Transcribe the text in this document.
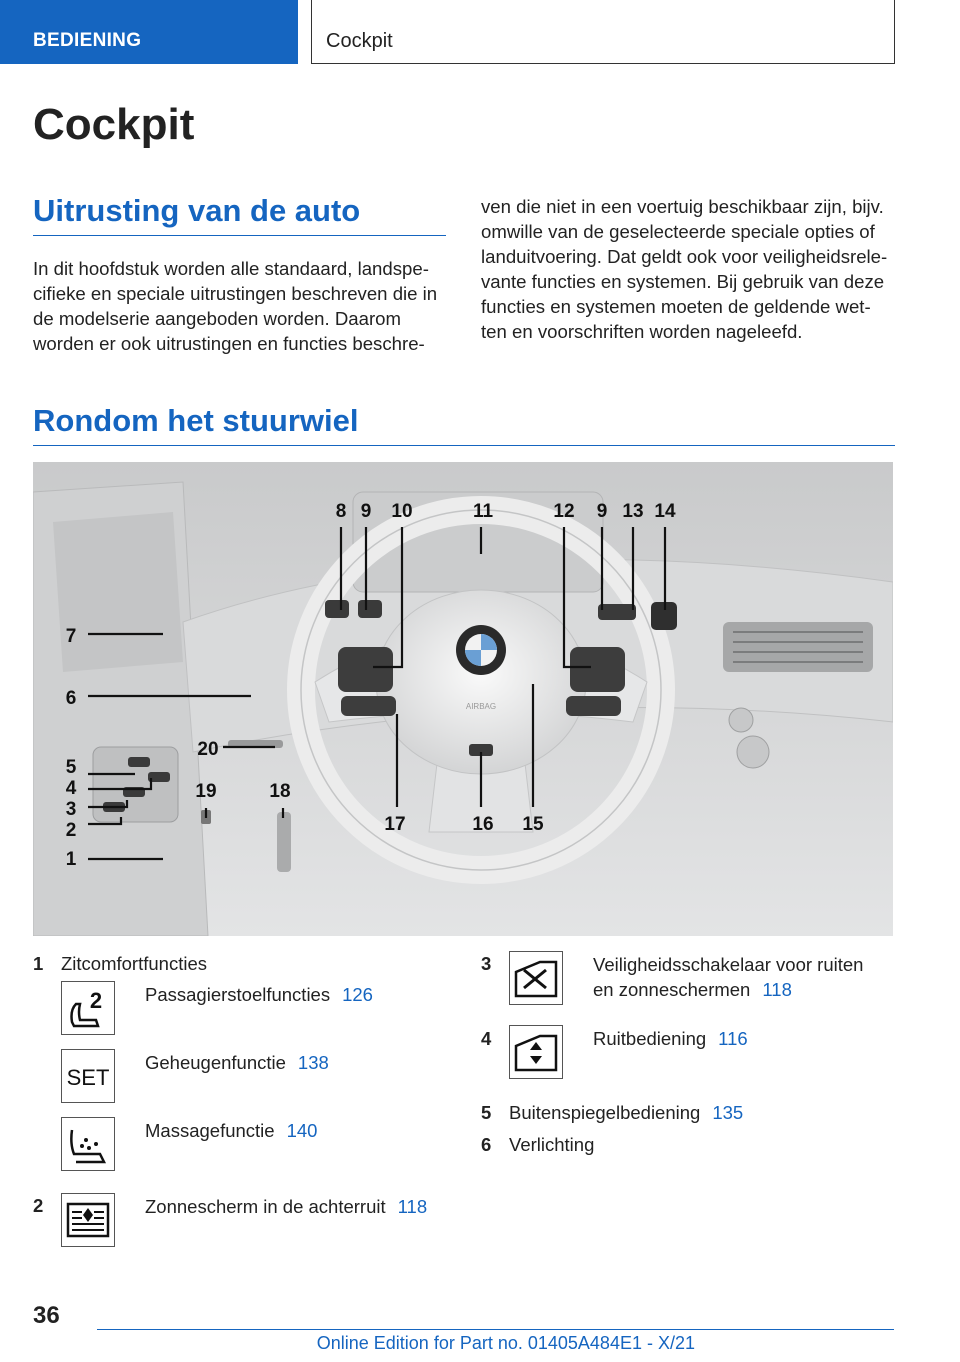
BEDIENING	Cockpit
Cockpit
Uitrusting van de auto
In dit hoofdstuk worden alle standaard, landspe-cifieke en speciale uitrustingen beschreven die in de modelserie aangeboden worden. Daarom worden er ook uitrustingen en functies beschre-
ven die niet in een voertuig beschikbaar zijn, bijv. omwille van de geselecteerde speciale opties of landuitvoering. Dat geldt ook voor veiligheidsrele-vante functies en systemen. Bij gebruik van deze functies en systemen moeten de geldende wet-ten en voorschriften worden nageleefd.
Rondom het stuurwiel
AIRBAG
8 9 10	11	12 9 13 14
7
6
20
5
4
3
2
1
19	18
17	16 15
1 Zitcomfortfuncties
2 Passagierstoelfuncties 126
SET
Geheugenfunctie 138
Massagefunctie 140
2	Zonnescherm in de achterruit 118
3	Veiligheidsschakelaar voor ruiten
en zonneschermen 118
4	Ruitbediening 116
5 Buitenspiegelbediening 135
6 Verlichting
36
Online Edition for Part no. 01405A484E1 - X/21
